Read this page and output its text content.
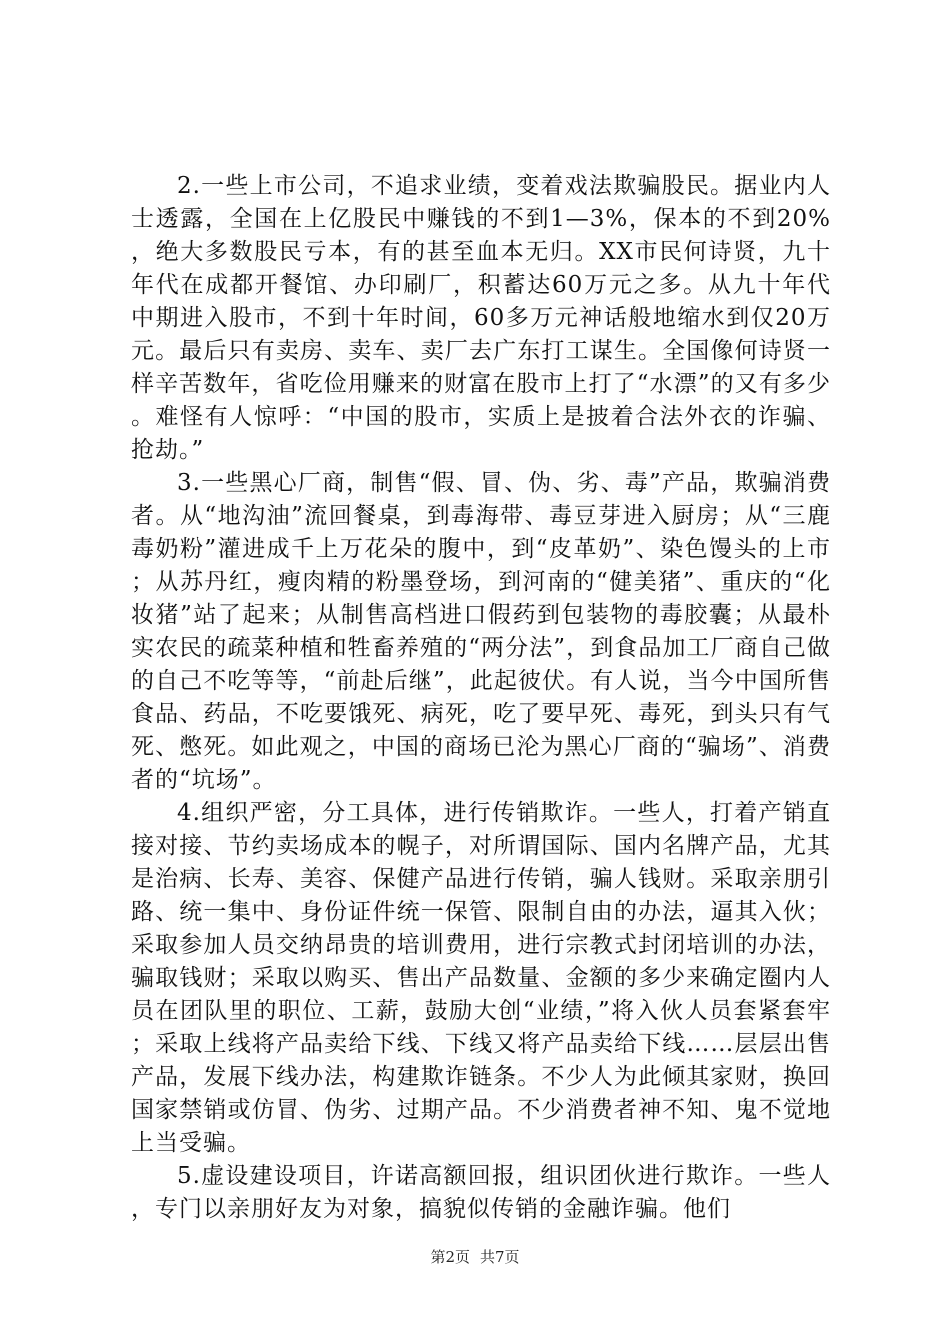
2.一些上市公司，不追求业绩，变着戏法欺骗股民。据业内人士透露，全国在上亿股民中赚钱的不到1—3%，保本的不到20%，绝大多数股民亏本，有的甚至血本无归。XX市民何诗贤，九十年代在成都开餐馆、办印刷厂，积蓄达60万元之多。从九十年代中期进入股市，不到十年时间，60多万元神话般地缩水到仅20万元。最后只有卖房、卖车、卖厂去广东打工谋生。全国像何诗贤一样辛苦数年，省吃俭用赚来的财富在股市上打了“水漂”的又有多少。难怪有人惊呼：“中国的股市，实质上是披着合法外衣的诈骗、抢劫。”

3.一些黑心厂商，制售“假、冒、伪、劣、毒”产品，欺骗消费者。从“地沟油”流回餐桌，到毒海带、毒豆芽进入厨房；从“三鹿毒奶粉”灌进成千上万花朵的腹中，到“皮革奶”、染色馒头的上市；从苏丹红，瘦肉精的粉墨登场，到河南的“健美猪”、重庆的“化妆猪”站了起来；从制售高档进口假药到包装物的毒胶囊；从最朴实农民的疏菜种植和牲畜养殖的“两分法”，到食品加工厂商自己做的自己不吃等等，“前赴后继”，此起彼伏。有人说，当今中国所售食品、药品，不吃要饿死、病死，吃了要早死、毒死，到头只有气死、憋死。如此观之，中国的商场已沦为黑心厂商的“骗场”、消费者的“坑场”。

4.组织严密，分工具体，进行传销欺诈。一些人，打着产销直接对接、节约卖场成本的幌子，对所谓国际、国内名牌产品，尤其是治病、长寿、美容、保健产品进行传销，骗人钱财。采取亲朋引路、统一集中、身份证件统一保管、限制自由的办法，逼其入伙；采取参加人员交纳昂贵的培训费用，进行宗教式封闭培训的办法，骗取钱财；采取以购买、售出产品数量、金额的多少来确定圈内人员在团队里的职位、工薪，鼓励大创“业绩，”将入伙人员套紧套牢；采取上线将产品卖给下线、下线又将产品卖给下线……层层出售产品，发展下线办法，构建欺诈链条。不少人为此倾其家财，换回国家禁销或仿冒、伪劣、过期产品。不少消费者神不知、鬼不觉地上当受骗。

5.虚设建设项目，许诺高额回报，组识团伙进行欺诈。一些人，专门以亲朋好友为对象，搞貌似传销的金融诈骗。他们

第2页 共7页
